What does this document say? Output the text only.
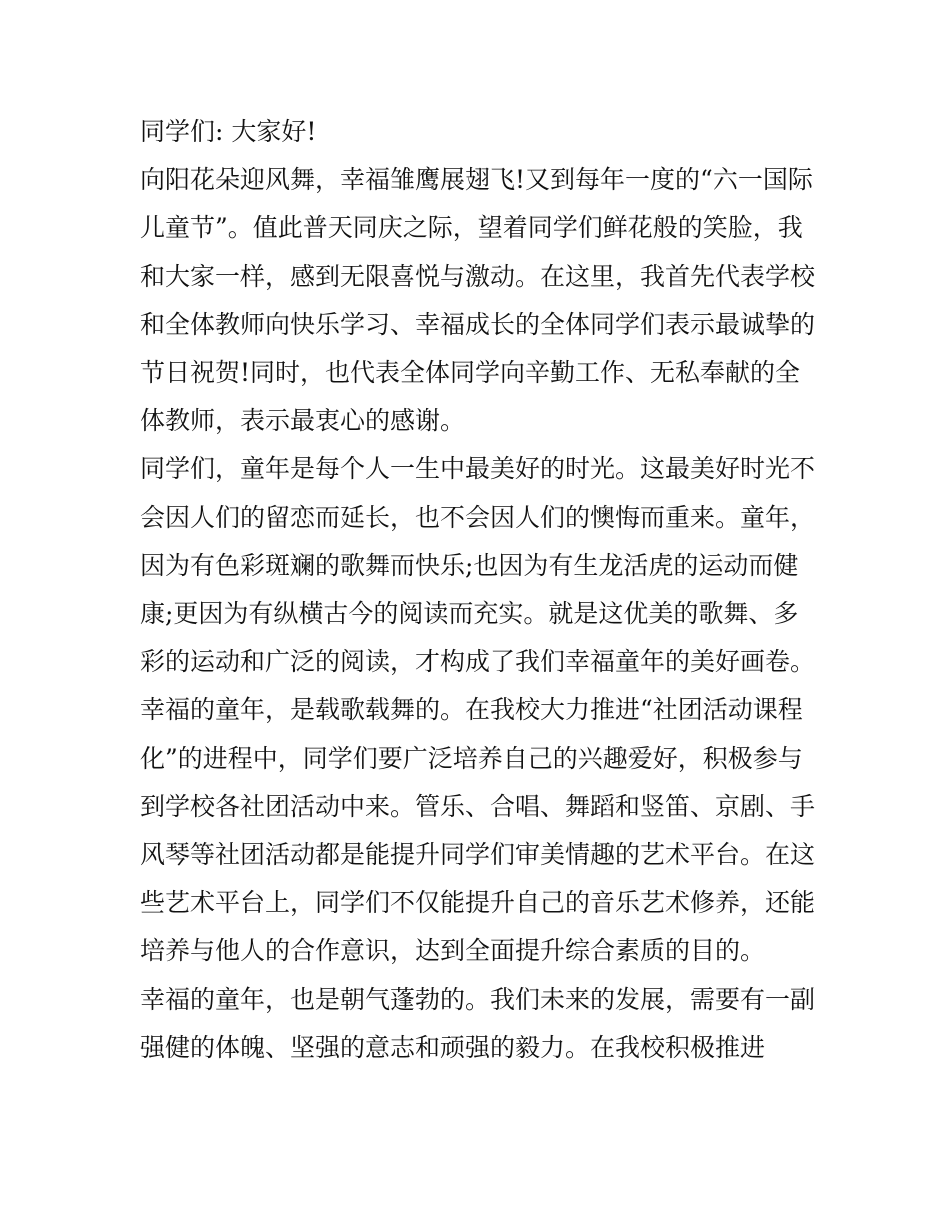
同学们: 大家好!

向阳花朵迎风舞，幸福雏鹰展翅飞!又到每年一度的“六一国际
儿童节”。值此普天同庆之际，望着同学们鲜花般的笑脸，我
和大家一样，感到无限喜悦与激动。在这里，我首先代表学校
和全体教师向快乐学习、幸福成长的全体同学们表示最诚挚的
节日祝贺!同时，也代表全体同学向辛勤工作、无私奉献的全
体教师，表示最衷心的感谢。

同学们，童年是每个人一生中最美好的时光。这最美好时光不
会因人们的留恋而延长，也不会因人们的懊悔而重来。童年，
因为有色彩斑斓的歌舞而快乐;也因为有生龙活虎的运动而健
康;更因为有纵横古今的阅读而充实。就是这优美的歌舞、多
彩的运动和广泛的阅读，才构成了我们幸福童年的美好画卷。

幸福的童年，是载歌载舞的。在我校大力推进“社团活动课程
化”的进程中，同学们要广泛培养自己的兴趣爱好，积极参与
到学校各社团活动中来。管乐、合唱、舞蹈和竖笛、京剧、手
风琴等社团活动都是能提升同学们审美情趣的艺术平台。在这
些艺术平台上，同学们不仅能提升自己的音乐艺术修养，还能
培养与他人的合作意识，达到全面提升综合素质的目的。

幸福的童年，也是朝气蓬勃的。我们未来的发展，需要有一副
强健的体魄、坚强的意志和顽强的毅力。在我校积极推进
